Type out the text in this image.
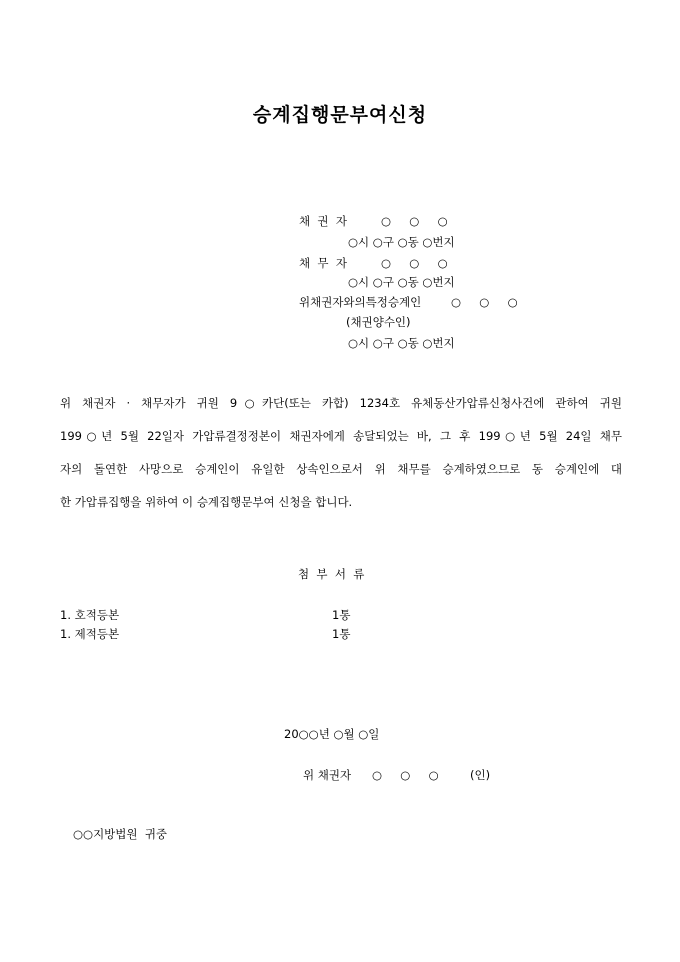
승계집행문부여신청
채  권  자	○     ○     ○
○시 ○구 ○동 ○번지
채  무  자	○     ○     ○
○시 ○구 ○동 ○번지
위채권자와의특정승계인	○     ○     ○
(채권양수인)
○시 ○구 ○동 ○번지
위 채권자 · 채무자가 귀원 9○카단(또는 카합) 1234호 유체동산가압류신청사건에 관하여 귀원
199○년 5월 22일자 가압류결정정본이 채권자에게 송달되었는 바, 그 후 199○년 5월 24일 채무
자의 돌연한 사망으로 승계인이 유일한 상속인으로서 위 채무를 승계하였으므로 동 승계인에 대
한 가압류집행을 위하여 이 승계집행문부여 신청을 합니다.
첨  부  서  류
1. 호적등본	1통
1. 제적등본	1통
20○○년 ○월 ○일
위 채권자 ○     ○     ○	(인)
○○지방법원  귀중
